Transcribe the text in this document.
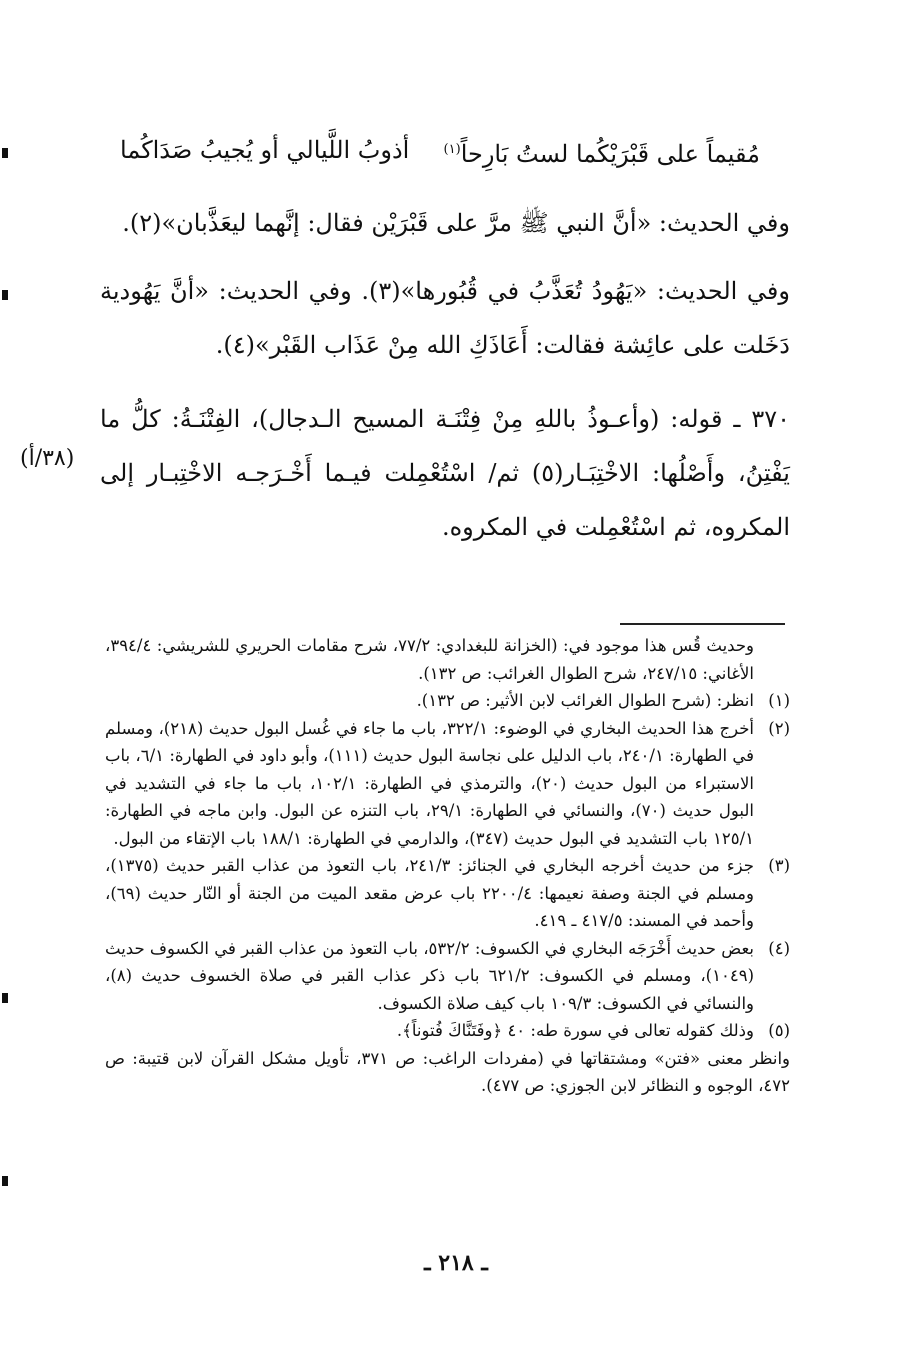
مُقيماً على قَبْرَيْكُما لستُ بَارِحاً$^{(١)}$
أذوبُ اللَّيالي أو يُجيبُ صَدَاكُما

وفي الحديث: «أنَّ النبي ﷺ مرَّ على قَبْرَيْن فقال: إنَّهما ليعَذَّبان»(٢).

وفي الحديث: «يَهُودُ تُعَذَّبُ في قُبُورها»(٣). وفي الحديث: «أنَّ يَهُودية دَخَلت على عائِشة فقالت: أَعَاذَكِ الله مِنْ عَذَاب القَبْر»(٤).

٣٧٠ ـ قوله: (وأعـوذُ باللهِ مِنْ فِتْنَـة المسيح الـدجال)، الفِتْنَـةُ: كلُّ ما يَفْتِنُ، وأَصْلُها: الاخْتِبَـار(٥) ثم/ اسْتُعْمِلت فيـما أَخْـرَجـه الاخْتِبـار إلى المكروه، ثم اسْتُعْمِلت في المكروه.

(٣٨/أ)
وحديث قُس هذا موجود في: (الخزانة للبغدادي: ٧٧/٢، شرح مقامات الحريري للشريشي: ٣٩٤/٤، الأغاني: ٢٤٧/١٥، شرح الطوال الغرائب: ص ١٣٢).
(١)
انظر: (شرح الطوال الغرائب لابن الأثير: ص ١٣٢).
(٢)
أخرج هذا الحديث البخاري في الوضوء: ٣٢٢/١، باب ما جاء في غُسل البول حديث (٢١٨)، ومسلم في الطهارة: ٢٤٠/١، باب الدليل على نجاسة البول حديث (١١١)، وأبو داود في الطهارة: ٦/١، باب الاستبراء من البول حديث (٢٠)، والترمذي في الطهارة: ١٠٢/١، باب ما جاء في التشديد في البول حديث (٧٠)، والنسائي في الطهارة: ٢٩/١، باب التنزه عن البول. وابن ماجه في الطهارة: ١٢٥/١ باب التشديد في البول حديث (٣٤٧)، والدارمي في الطهارة: ١٨٨/١ باب الإتقاء من البول.
(٣)
جزء من حديث أخرجه البخاري في الجنائز: ٢٤١/٣، باب التعوذ من عذاب القبر حديث (١٣٧٥)، ومسلم في الجنة وصفة نعيمها: ٢٢٠٠/٤ باب عرض مقعد الميت من الجنة أو النّار حديث (٦٩)، وأحمد في المسند: ٤١٧/٥ ـ ٤١٩.
(٤)
بعض حديث أَخْرَجَه البخاري في الكسوف: ٥٣٢/٢، باب التعوذ من عذاب القبر في الكسوف حديث (١٠٤٩)، ومسلم في الكسوف: ٦٢١/٢ باب ذكر عذاب القبر في صلاة الخسوف حديث (٨)، والنسائي في الكسوف: ١٠٩/٣ باب كيف صلاة الكسوف.
(٥)
وذلك كقوله تعالى في سورة طه: ٤٠ ﴿وفَتَنَّاكَ فُتوناً﴾.
وانظر معنى «فتن» ومشتقاتها في (مفردات الراغب: ص ٣٧١، تأويل مشكل القرآن لابن قتيبة: ص ٤٧٢، الوجوه و النظائر لابن الجوزي: ص ٤٧٧).
ـ ٢١٨ ـ
